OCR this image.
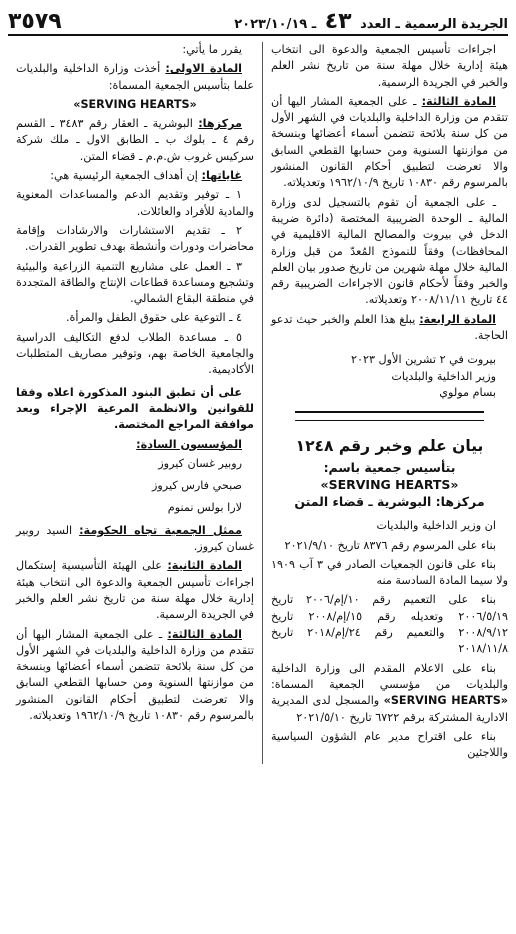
الجريدة الرسمية ـ العدد ٤٣ ـ ٢٠٢٣/١٠/١٩
٣٥٧٩

اجراءات تأسيس الجمعية والدعوة الى انتخاب هيئة إدارية خلال مهلة سنة من تاريخ نشر العلم والخبر في الجريدة الرسمية.

المادة الثالثة: ـ على الجمعية المشار اليها أن تتقدم من وزارة الداخلية والبلديات في الشهر الأول من كل سنة بلائحة تتضمن أسماء أعضائها وبنسخة من موازنتها السنوية ومن حسابها القطعي السابق والا تعرضت لتطبيق أحكام القانون المنشور بالمرسوم رقم ١٠٨٣٠ تاريخ ١٩٦٢/١٠/٩ وتعديلاته.

ـ على الجمعية أن تقوم بالتسجيل لدى وزارة المالية ـ الوحدة الضريبية المختصة (دائرة ضريبة الدخل في بيروت والمصالح المالية الاقليمية في المحافظات) وفقاً للنموذج المُعدّ من قبل وزارة المالية خلال مهلة شهرين من تاريخ صدور بيان العلم والخبر وفقاً لأحكام قانون الاجراءات الضريبية رقم ٤٤ تاريخ ٢٠٠٨/١١/١١ وتعديلاته.

المادة الرابعة: يبلغ هذا العلم والخبر حيث تدعو الحاجة.

بيروت في ٢ تشرين الأول ٢٠٢٣
وزير الداخلية والبلديات
بسام مولوي
بيان علم وخبر رقم ١٢٤٨
بتأسيس جمعية باسم:
«SERVING HEARTS»
مركزها: البوشرية ـ قضاء المتن

ان وزير الداخلية والبلديات

بناء على المرسوم رقم ٨٣٧٦ تاريخ ٢٠٢١/٩/١٠

بناء على قانون الجمعيات الصادر في ٣ آب ١٩٠٩ ولا سيما المادة السادسة منه

بناء على التعميم رقم ١٠/إم/٢٠٠٦ تاريخ ٢٠٠٦/٥/١٩ وتعديله رقم ١٥/إم/٢٠٠٨ تاريخ ٢٠٠٨/٩/١٢ والتعميم رقم ٢٤/إم/٢٠١٨ تاريخ ٢٠١٨/١١/٨

بناء على الاعلام المقدم الى وزارة الداخلية والبلديات من مؤسسي الجمعية المسماة: «SERVING HEARTS» والمسجل لدى المديرية الادارية المشتركة برقم ٦٧٢٢ تاريخ ٢٠٢١/٥/١٠

بناء على اقتراح مدير عام الشؤون السياسية واللاجئين

يقرر ما يأتي:

المادة الاولى: أخذت وزارة الداخلية والبلديات علما بتأسيس الجمعية المسماة:

«SERVING HEARTS»

مركزها: البوشرية ـ العقار رقم ٣٤٨٣ ـ القسم رقم ٤ ـ بلوك ب ـ الطابق الاول ـ ملك شركة سركيس غروب ش.م.م ـ قضاء المتن.

غاياتها: إن أهداف الجمعية الرئيسية هي:

١ ـ توفير وتقديم الدعم والمساعدات المعنوية والمادية للأفراد والعائلات.

٢ ـ تقديم الاستشارات والارشادات وإقامة محاضرات ودورات وأنشطة بهدف تطوير القدرات.

٣ ـ العمل على مشاريع التنمية الزراعية والبيئية وتشجيع ومساعدة قطاعات الإنتاج والطاقة المتجددة في منطقة البقاع الشمالي.

٤ ـ التوعية على حقوق الطفل والمرأة.

٥ ـ مساعدة الطلاب لدفع التكاليف الدراسية والجامعية الخاصة بهم، وتوفير مصاريف المتطلبات الأكاديمية.

على أن تطبق البنود المذكورة اعلاه وفقا للقوانين والانظمة المرعية الإجراء وبعد موافقة المراجع المختصة.

المؤسسون السادة:

روبير غسان كيروز

صبحي فارس كيروز

لارا بولس نمنوم

ممثل الجمعية تجاه الحكومة: السيد روبير غسان كيروز.

المادة الثانية: على الهيئة التأسيسية إستكمال اجراءات تأسيس الجمعية والدعوة الى انتخاب هيئة إدارية خلال مهلة سنة من تاريخ نشر العلم والخبر في الجريدة الرسمية.

المادة الثالثة: ـ على الجمعية المشار اليها أن تتقدم من وزارة الداخلية والبلديات في الشهر الأول من كل سنة بلائحة تتضمن أسماء أعضائها وبنسخة من موازنتها السنوية ومن حسابها القطعي السابق والا تعرضت لتطبيق أحكام القانون المنشور بالمرسوم رقم ١٠٨٣٠ تاريخ ١٩٦٢/١٠/٩ وتعديلاته.
